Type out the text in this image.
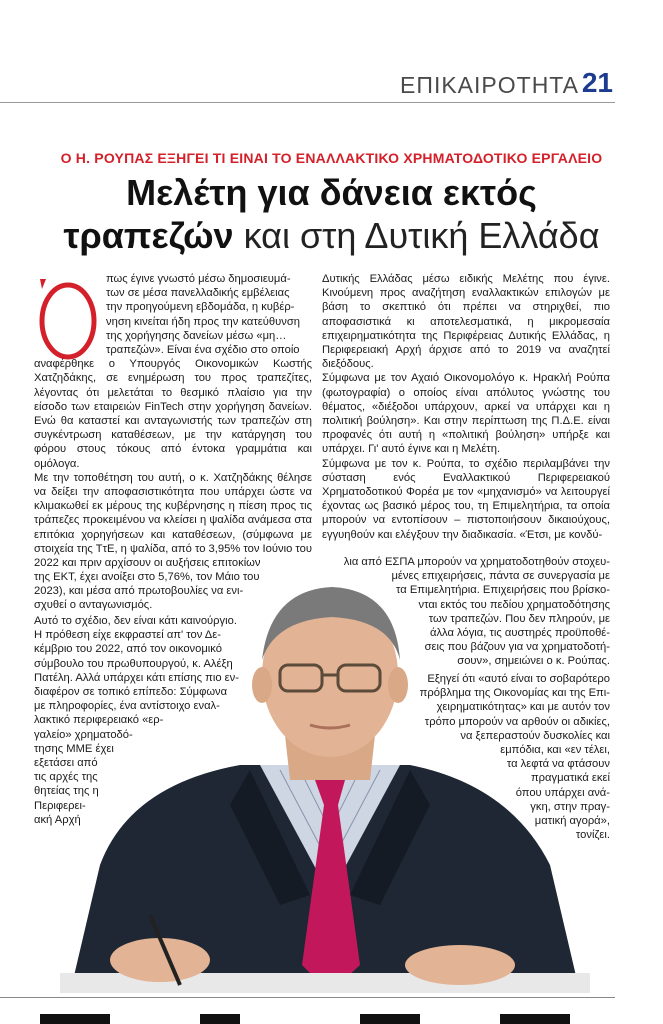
ΕΠΙΚΑΙΡΟΤΗΤΑ 21
Ο Η. ΡΟΥΠΑΣ ΕΞΗΓΕΙ ΤΙ ΕΙΝΑΙ ΤΟ ΕΝΑΛΛΑΚΤΙΚΟ ΧΡΗΜΑΤΟΔΟΤΙΚΟ ΕΡΓΑΛΕΙΟ
Μελέτη για δάνεια εκτός
τραπεζών και στη Δυτική Ελλάδα
πως έγινε γνωστό μέσω δημοσιευμά-
των σε μέσα πανελλαδικής εμβέλειας
την προηγούμενη εβδομάδα, η κυβέρ-
νηση κινείται ήδη προς την κατεύθυνση
της χορήγησης δανείων μέσω «μη…
τραπεζών». Είναι ένα σχέδιο στο οποίο

αναφέρθηκε ο Υπουργός Οικονομικών Κωστής Χατζηδάκης, σε ενημέρωση του προς τραπεζίτες, λέγοντας ότι μελετάται το θεσμικό πλαίσιο για την είσοδο των εταιρειών FinTech στην χορήγηση δανείων. Ενώ θα καταστεί και ανταγωνιστής των τραπεζών στη συγκέντρωση καταθέσεων, με την κατάργηση του φόρου στους τόκους από έντοκα γραμμάτια και ομόλογα.

Με την τοποθέτηση του αυτή, ο κ. Χατζηδάκης θέλησε να δείξει την αποφασιστικότητα που υπάρχει ώστε να κλιμακωθεί εκ μέρους της κυβέρνησης η πίεση προς τις τράπεζες προκειμένου να κλείσει η ψαλίδα ανάμεσα στα επιτόκια χορηγήσεων και καταθέσεων, (σύμφωνα με στοιχεία της ΤτΕ, η ψαλίδα, από το 3,95% τον Ιούνιο του 2022 και πριν αρχίσουν οι αυξήσεις επιτοκίων

της ΕΚΤ, έχει ανοίξει στο 5,76%, τον Μάιο του
2023), και μέσα από πρωτοβουλίες να ενι-
σχυθεί ο ανταγωνισμός.
Αυτό το σχέδιο, δεν είναι κάτι καινούργιο.
Η πρόθεση είχε εκφραστεί απ' τον Δε-
κέμβριο του 2022, από τον οικονομικό
σύμβουλο του πρωθυπουργού, κ. Αλέξη
Πατέλη. Αλλά υπάρχει κάτι επίσης πιο εν-
διαφέρον σε τοπικό επίπεδο: Σύμφωνα
με πληροφορίες, ένα αντίστοιχο εναλ-
λακτικό περιφερειακό «ερ-
γαλείο» χρηματοδό-
τησης ΜΜΕ έχει
εξετάσει από
τις αρχές της
θητείας της η
Περιφερει-
ακή Αρχή

Δυτικής Ελλάδας μέσω ειδικής Μελέτης που έγινε. Κινούμενη προς αναζήτηση εναλλακτικών επιλογών με βάση το σκεπτικό ότι πρέπει να στηριχθεί, πιο αποφασιστικά κι αποτελεσματικά, η μικρομεσαία επιχειρηματικότητα της Περιφέρειας Δυτικής Ελλάδας, η Περιφερειακή Αρχή άρχισε από το 2019 να αναζητεί διεξόδους.

Σύμφωνα με τον Αχαιό Οικονομολόγο κ. Ηρακλή Ρούπα (φωτογραφία) ο οποίος είναι απόλυτος γνώστης του θέματος, «διέξοδοι υπάρχουν, αρκεί να υπάρχει και η πολιτική βούληση». Και στην περίπτωση της Π.Δ.Ε. είναι προφανές ότι αυτή η «πολιτική βούληση» υπήρξε και υπάρχει. Γι' αυτό έγινε και η Μελέτη.

Σύμφωνα με τον κ. Ρούπα, το σχέδιο περιλαμβάνει την σύσταση ενός Εναλλακτικού Περιφερειακού Χρηματοδοτικού Φορέα με τον «μηχανισμό» να λειτουργεί έχοντας ως βασικό μέρος του, τη Επιμελητήρια, τα οποία μπορούν να εντοπίσουν – πιστοποιήσουν δικαιούχους, εγγυηθούν και ελέγξουν την διαδικασία. «Έτσι, με κονδύ-

λια από ΕΣΠΑ μπορούν να χρηματοδοτηθούν στοχευ-
μένες επιχειρήσεις, πάντα σε συνεργασία με
τα Επιμελητήρια. Επιχειρήσεις που βρίσκο-
νται εκτός του πεδίου χρηματοδότησης
των τραπεζών. Που δεν πληρούν, με
άλλα λόγια, τις αυστηρές προϋποθέ-
σεις που βάζουν για να χρηματοδοτή-
σουν», σημειώνει ο κ. Ρούπας.
Εξηγεί ότι «αυτό είναι το σοβαρότερο
πρόβλημα της Οικονομίας και της Επι-
χειρηματικότητας» και με αυτόν τον
τρόπο μπορούν να αρθούν οι αδικίες,
να ξεπεραστούν δυσκολίες και
εμπόδια, και «εν τέλει,
τα λεφτά να φτάσουν
πραγματικά εκεί
όπου υπάρχει ανά-
γκη, στην πραγ-
ματική αγορά»,
τονίζει.
